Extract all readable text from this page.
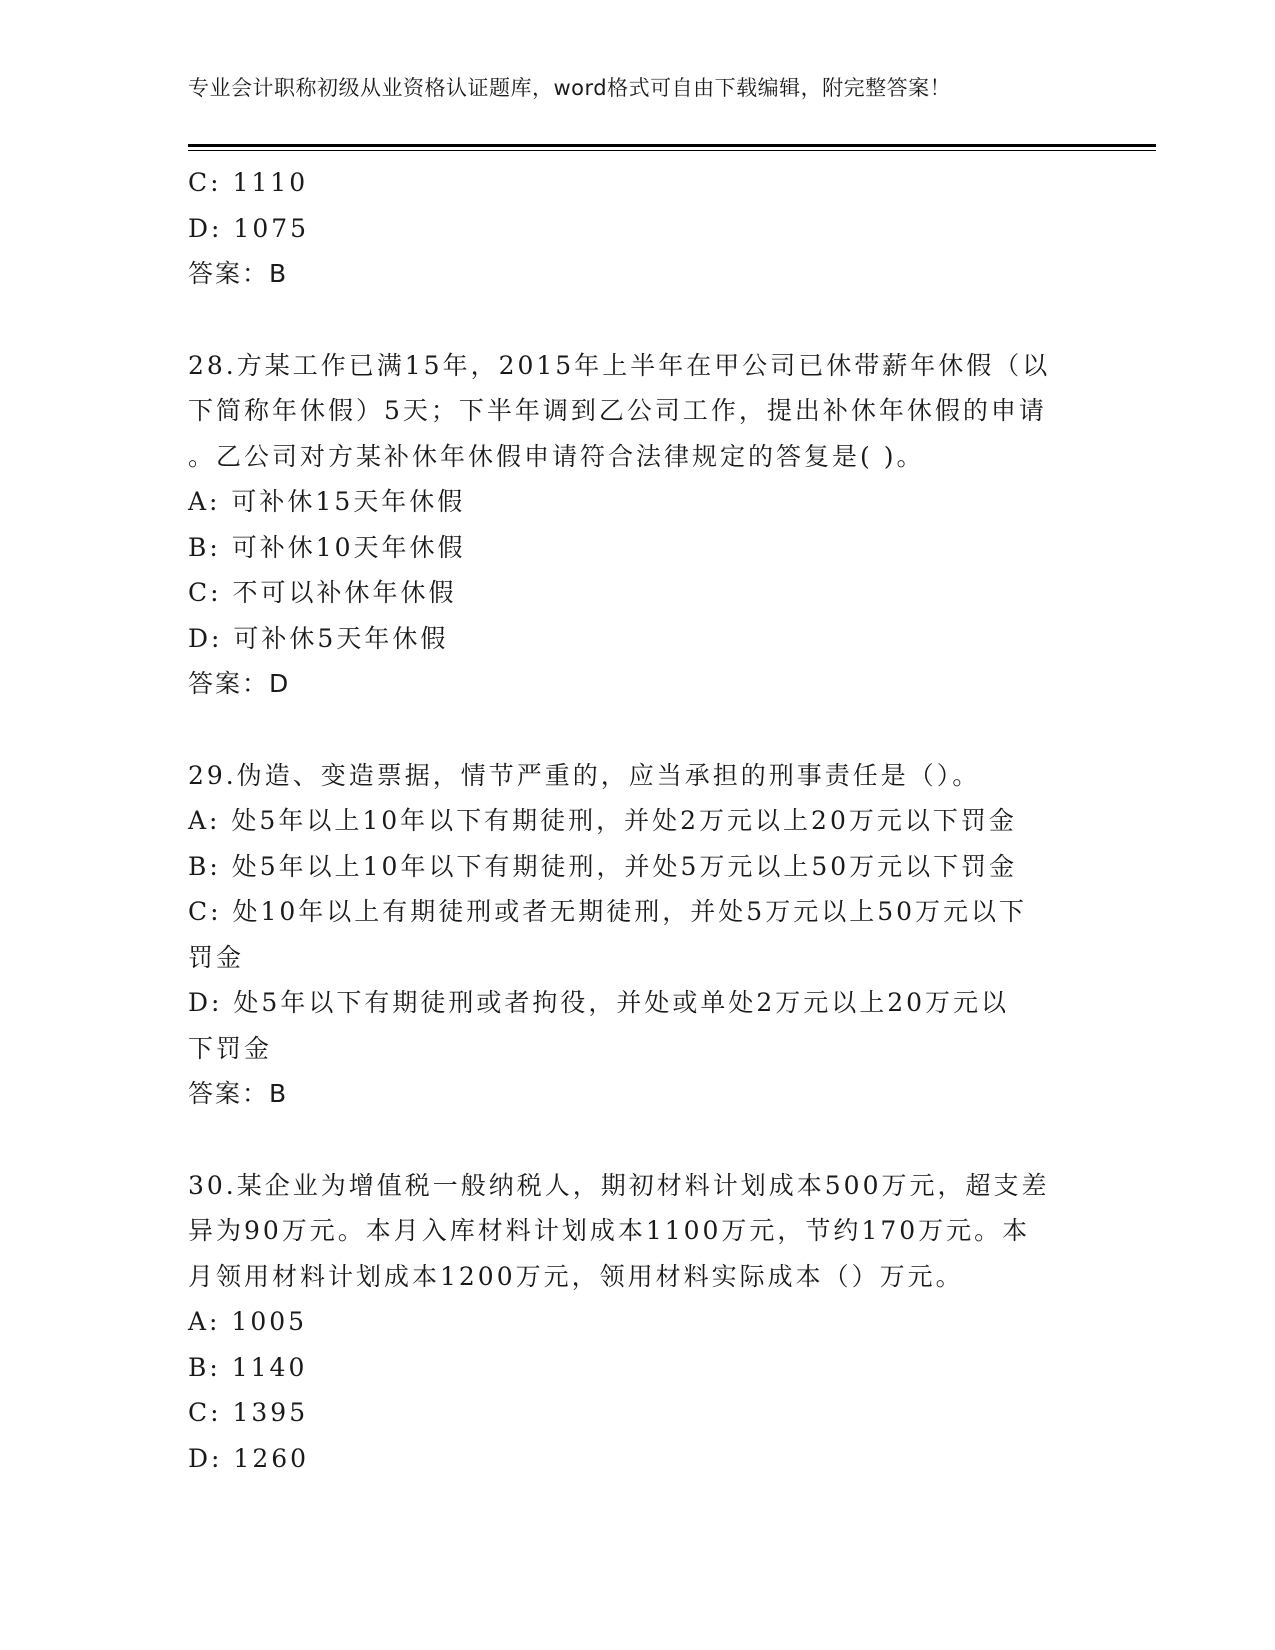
专业会计职称初级从业资格认证题库，word格式可自由下载编辑，附完整答案！
C: 1110
D: 1075
答案：B
28.方某工作已满15年，2015年上半年在甲公司已休带薪年休假（以
下简称年休假）5天；下半年调到乙公司工作，提出补休年休假的申请
。乙公司对方某补休年休假申请符合法律规定的答复是( )。
A: 可补休15天年休假
B: 可补休10天年休假
C: 不可以补休年休假
D: 可补休5天年休假
答案：D
29.伪造、变造票据，情节严重的，应当承担的刑事责任是（）。
A: 处5年以上10年以下有期徒刑，并处2万元以上20万元以下罚金
B: 处5年以上10年以下有期徒刑，并处5万元以上50万元以下罚金
C: 处10年以上有期徒刑或者无期徒刑，并处5万元以上50万元以下
罚金
D: 处5年以下有期徒刑或者拘役，并处或单处2万元以上20万元以
下罚金
答案：B
30.某企业为增值税一般纳税人，期初材料计划成本500万元，超支差
异为90万元。本月入库材料计划成本1100万元，节约170万元。本
月领用材料计划成本1200万元，领用材料实际成本（）万元。
A: 1005
B: 1140
C: 1395
D: 1260
